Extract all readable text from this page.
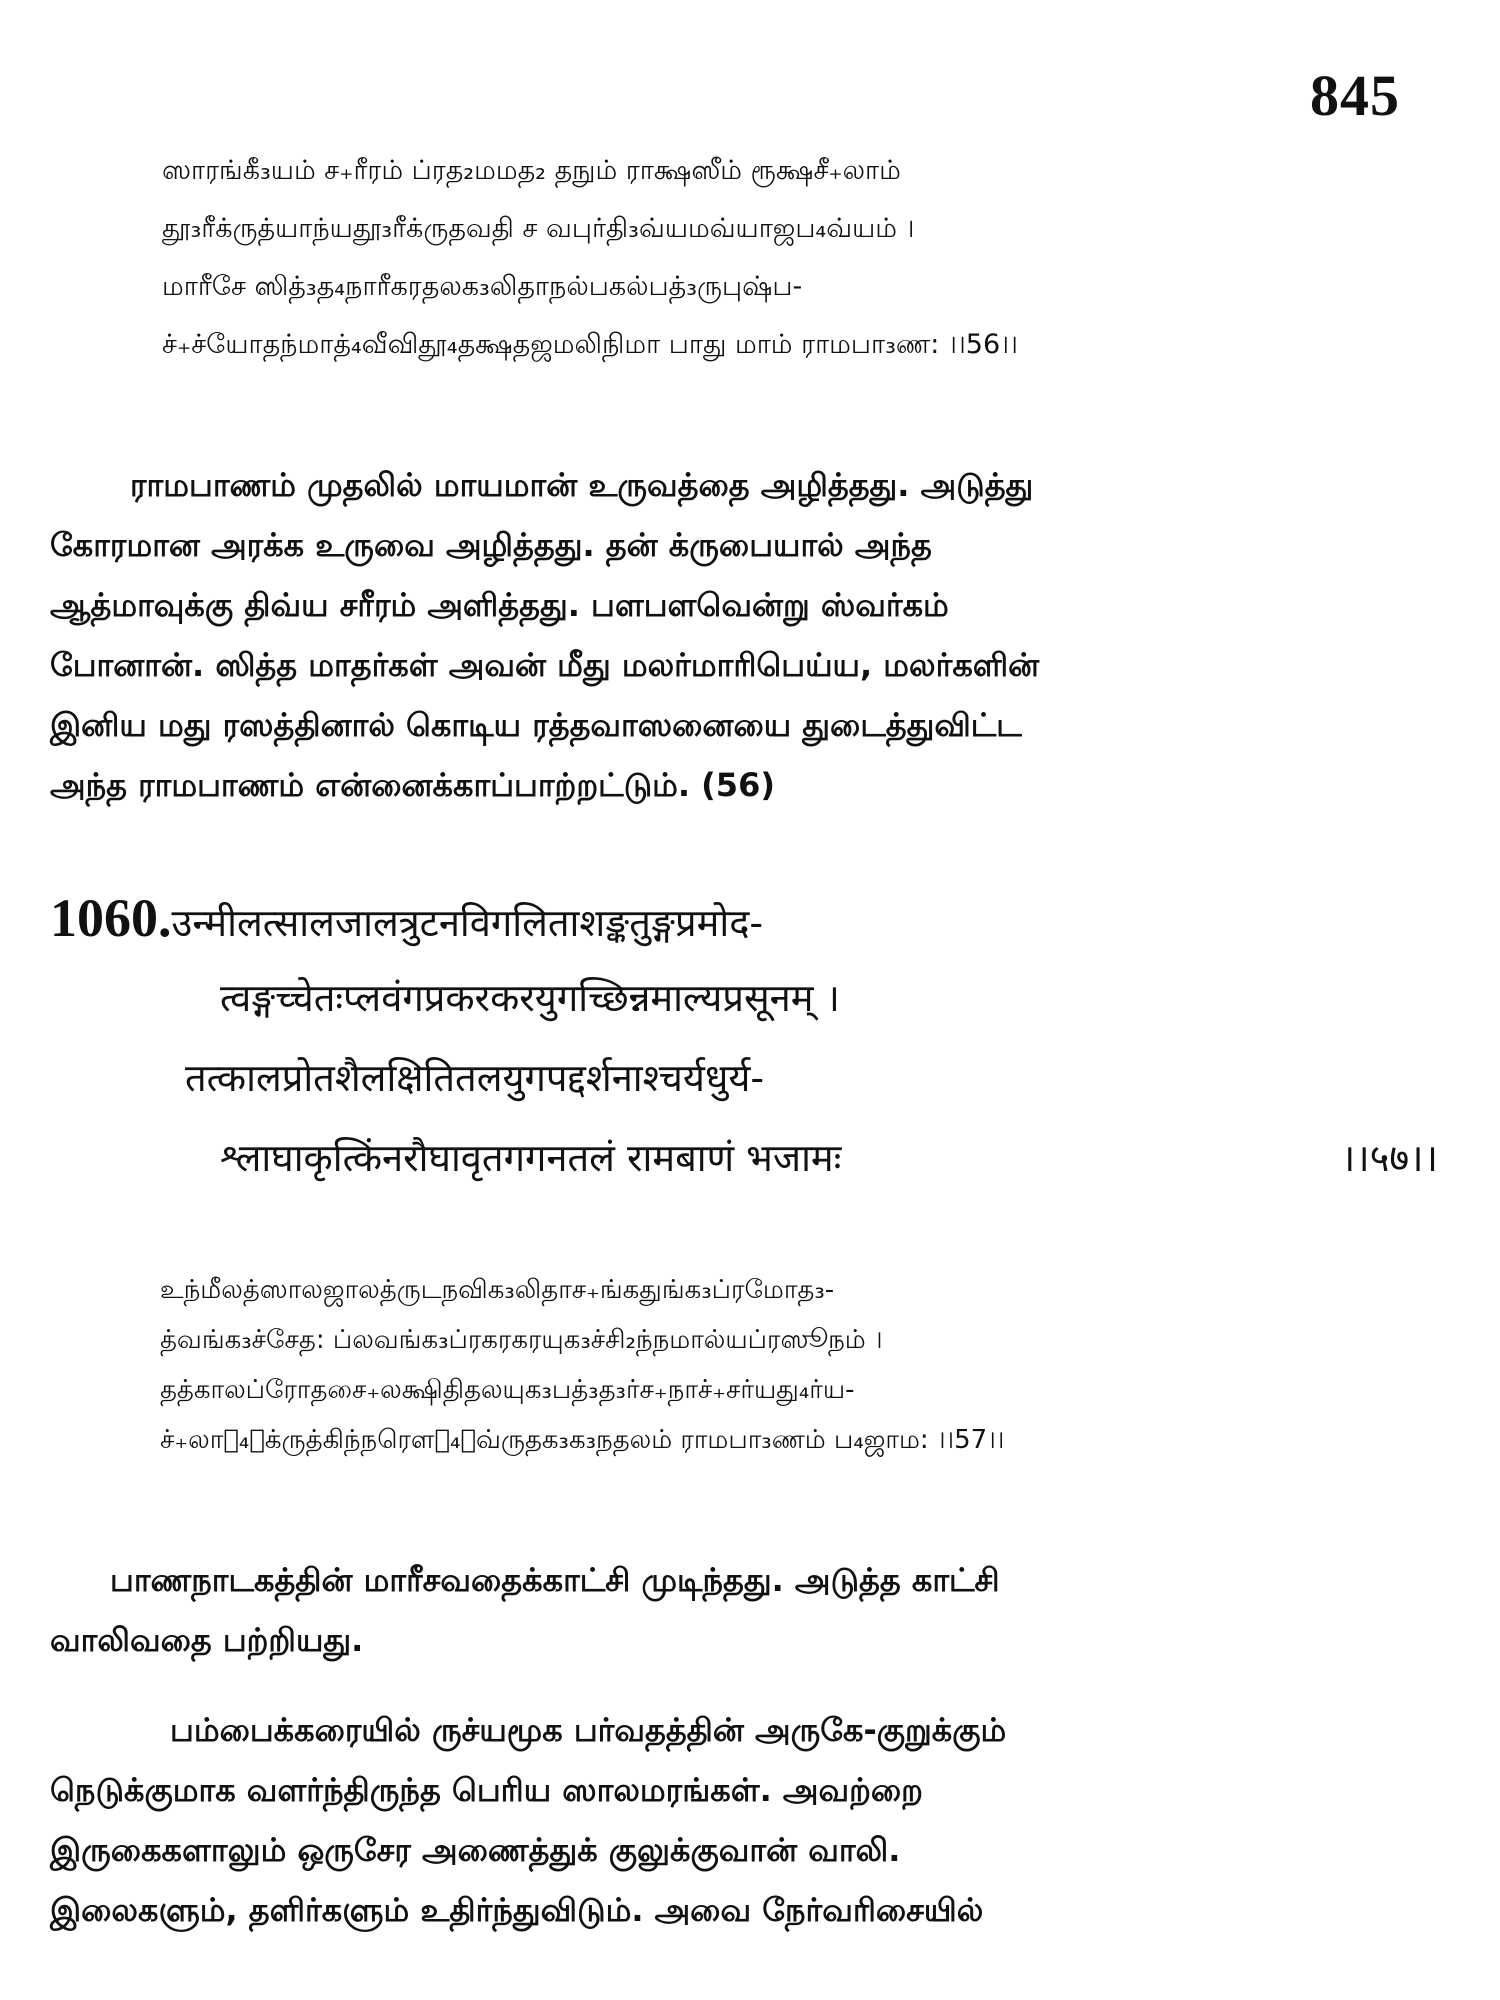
845
ஸாரங்கீ₃யம் ச₊ரீரம் ப்ரத₂மமத₂ தநும் ராக்ஷஸீம் ரூக்ஷசீ₊லாம்
தூ₃ரீக்ருத்யாந்யதூ₃ரீக்ருதவதி ச வபுர்தி₃வ்யமவ்யாஜப₄வ்யம் ।
மாரீசே ஸித்₃த₄நாரீகரதலக₃லிதாநல்பகல்பத்₃ருபுஷ்ப-
ச்₊ச்யோதந்மாத்₄வீவிதூ₄தக்ஷதஜமலிநிமா பாது மாம் ராமபா₃ண: ।।56।।
ராமபாணம் முதலில் மாயமான் உருவத்தை அழித்தது. அடுத்து
கோரமான அரக்க உருவை அழித்தது. தன் க்ருபையால் அந்த
ஆத்மாவுக்கு திவ்ய சரீரம் அளித்தது. பளபளவென்று ஸ்வர்கம்
போனான். ஸித்த மாதர்கள் அவன் மீது மலர்மாரிபெய்ய, மலர்களின்
இனிய மது ரஸத்தினால் கொடிய ரத்தவாஸனையை துடைத்துவிட்ட
அந்த ராமபாணம் என்னைக்காப்பாற்றட்டும். (56)
1060.उन्मीलत्सालजालत्रुटनविगलिताशङ्कतुङ्गप्रमोद-
त्वङ्गच्चेतःप्लवंगप्रकरकरयुगच्छिन्नमाल्यप्रसूनम् ।
तत्कालप्रोतशैलक्षितितलयुगपद्दर्शनाश्चर्यधुर्य-
श्लाघाकृत्किंनरौघावृतगगनतलं रामबाणं भजामः	।।५७।।
உந்மீலத்ஸாலஜாலத்ருடநவிக₃லிதாச₊ங்கதுங்க₃ப்ரமோத₃-
த்வங்க₃ச்சேத: ப்லவங்க₃ப்ரகரகரயுக₃ச்சி₂ந்நமால்யப்ரஸூநம் ।
தத்காலப்ரோதசை₊லக்ஷிதிதலயுக₃பத்₃த₃ர்ச₊நாச்₊சர்யது₄ர்ய-
ச்₊லாக₄ாக்ருத்கிந்நரௌக₄ாவ்ருதக₃க₃நதலம் ராமபா₃ணம் ப₄ஜாம: ।।57।।
பாணநாடகத்தின் மாரீசவதைக்காட்சி முடிந்தது. அடுத்த காட்சி
வாலிவதை பற்றியது.
பம்பைக்கரையில் ருச்யமூக பர்வதத்தின் அருகே-குறுக்கும்
நெடுக்குமாக வளர்ந்திருந்த பெரிய ஸாலமரங்கள். அவற்றை
இருகைகளாலும் ஒருசேர அணைத்துக் குலுக்குவான் வாலி.
இலைகளும், தளிர்களும் உதிர்ந்துவிடும். அவை நேர்வரிசையில்
